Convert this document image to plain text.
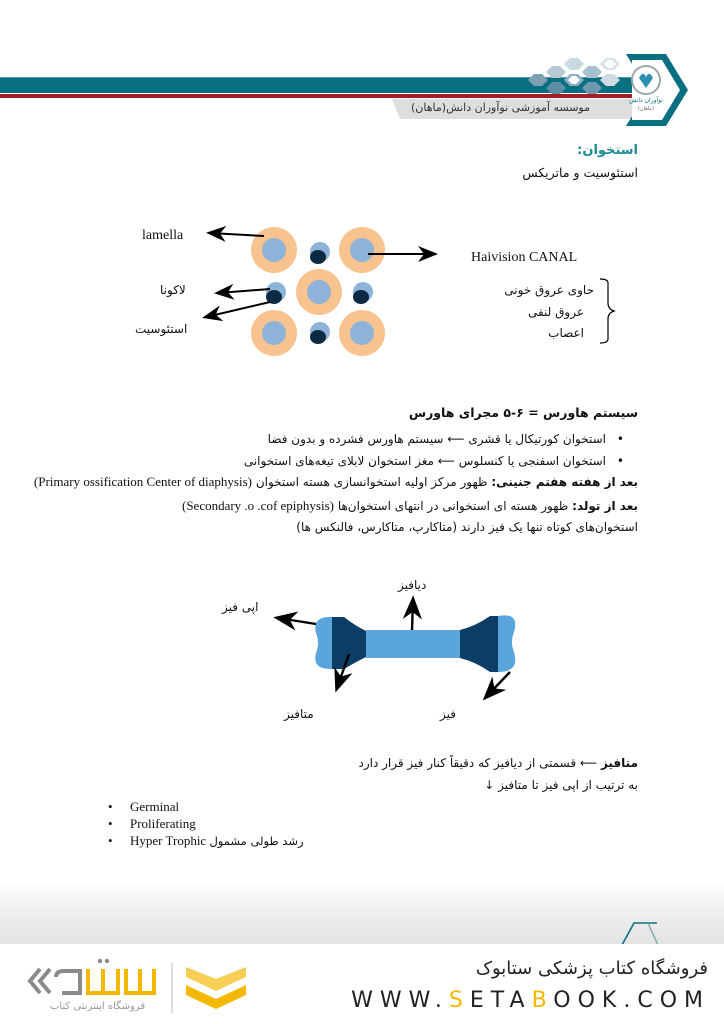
موسسه آموزشی نوآوران دانش(ماهان)
نوآوران دانش
(ماهان)
استخوان:
استئوسیت و ماتریکس
lamella
Haivision CANAL
لاکونا
استئوسیت
حاوی عروق خونی
عروق لنفی
اعصاب
سیستم هاورس = ۶-۵ مجرای هاورس
• استخوان کورتیکال یا قشری ⟵ سیستم هاورس فشرده و بدون فضا
• استخوان اسفنجی یا کنسلوس ⟵ مغز استخوان لابلای تیغه‌های استخوانی
بعد از هفته هفتم جنینی: ظهور مرکز اولیه استخوانسازی هسته استخوان (Primary ossification Center of diaphysis)
بعد از تولد: ظهور هسته ای استخوانی در انتهای استخوان‌ها (Secondary .o .cof epiphysis)
استخوان‌های کوتاه تنها یک فیز دارند (متاکارپ، متاکارس، فالنکس ها)
اپی فیز
دیافیز
متافیز	فیز
متافیز ⟵ قسمتی از دیافیز که دقیقاً کنار فیز قرار دارد
به ترتیب از اپی فیز تا متافیز ↓
• Germinal
• Proliferating
• Hyper Trophic رشد طولی مشمول
فروشگاه کتاب پزشکی ستابوک
WWW.SETABOOK.COM
فروشگاه اینترنتی کتاب
